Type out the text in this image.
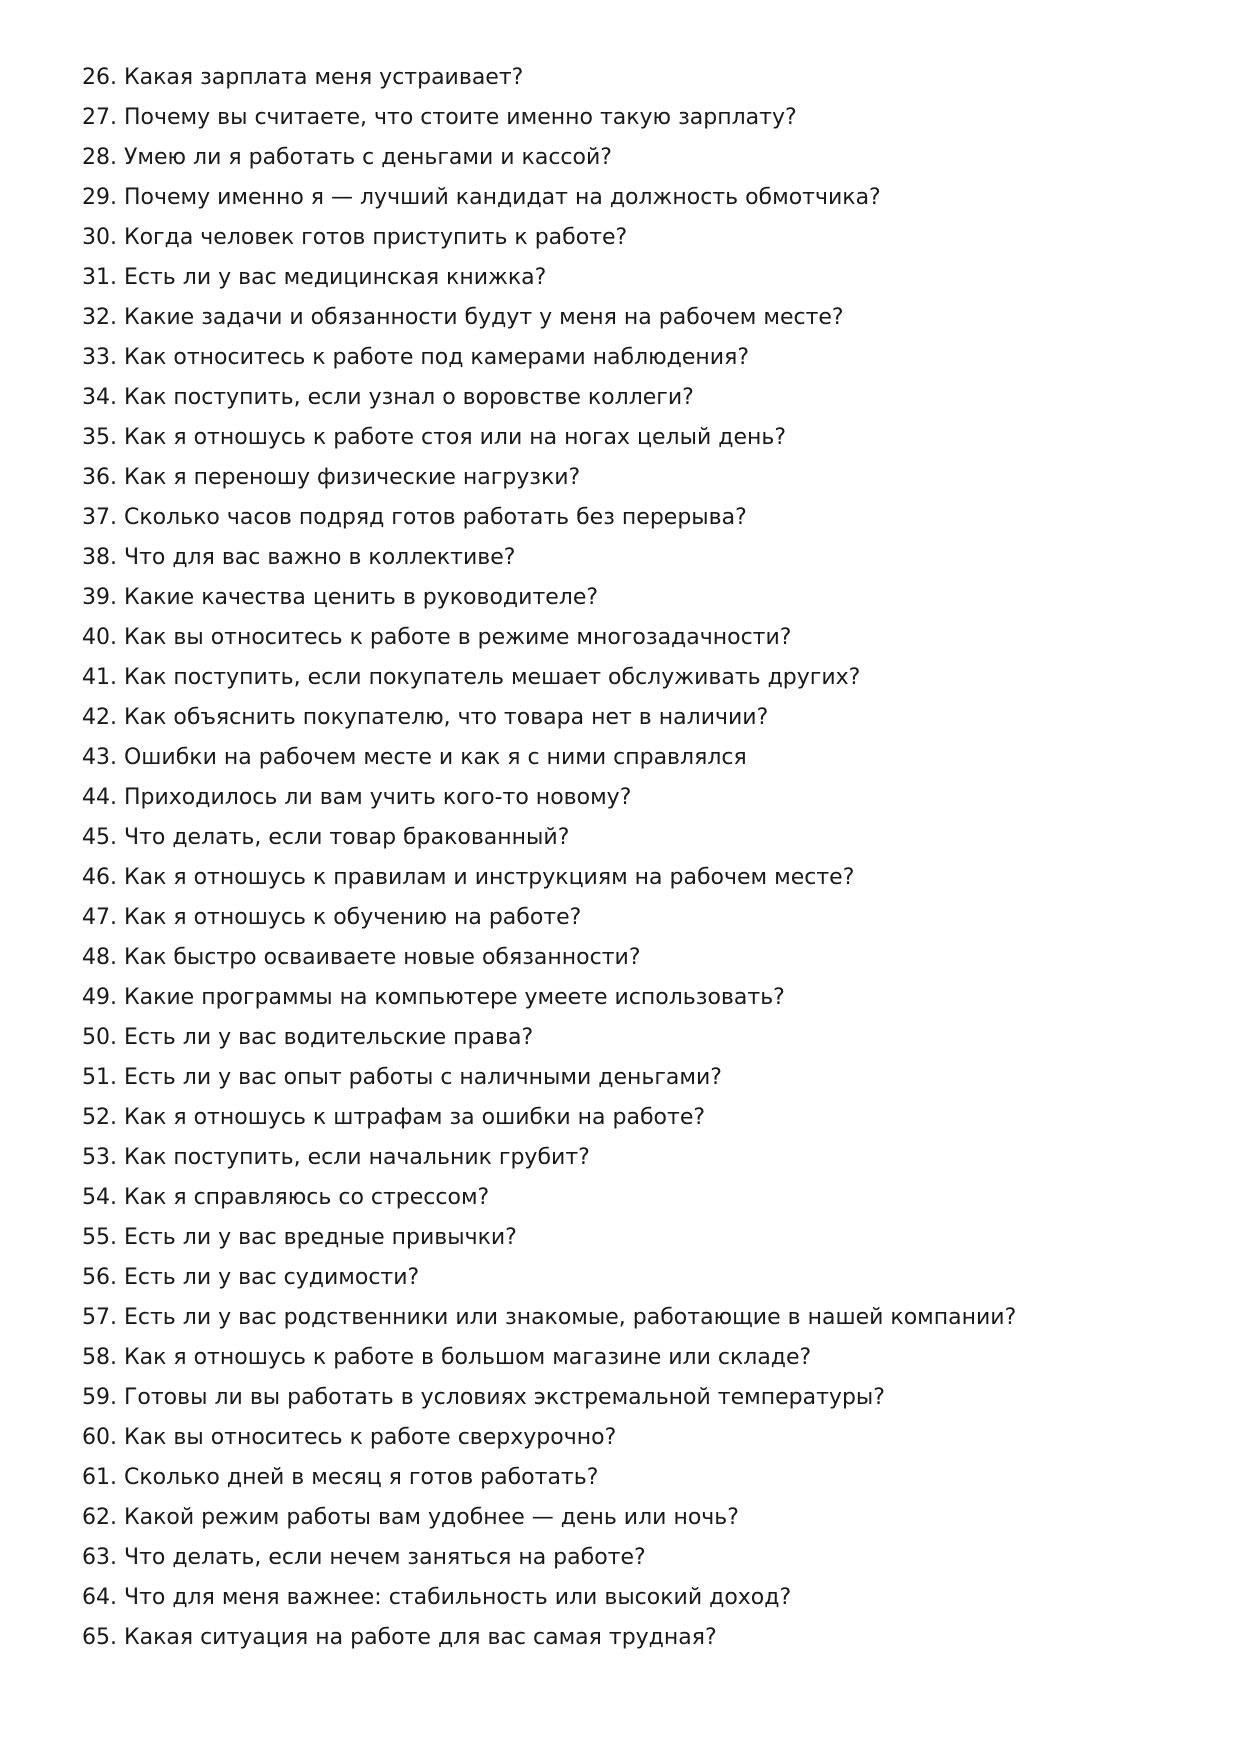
26. Какая зарплата меня устраивает?
27. Почему вы считаете, что стоите именно такую зарплату?
28. Умею ли я работать с деньгами и кассой?
29. Почему именно я — лучший кандидат на должность обмотчика?
30. Когда человек готов приступить к работе?
31. Есть ли у вас медицинская книжка?
32. Какие задачи и обязанности будут у меня на рабочем месте?
33. Как относитесь к работе под камерами наблюдения?
34. Как поступить, если узнал о воровстве коллеги?
35. Как я отношусь к работе стоя или на ногах целый день?
36. Как я переношу физические нагрузки?
37. Сколько часов подряд готов работать без перерыва?
38. Что для вас важно в коллективе?
39. Какие качества ценить в руководителе?
40. Как вы относитесь к работе в режиме многозадачности?
41. Как поступить, если покупатель мешает обслуживать других?
42. Как объяснить покупателю, что товара нет в наличии?
43. Ошибки на рабочем месте и как я с ними справлялся
44. Приходилось ли вам учить кого-то новому?
45. Что делать, если товар бракованный?
46. Как я отношусь к правилам и инструкциям на рабочем месте?
47. Как я отношусь к обучению на работе?
48. Как быстро осваиваете новые обязанности?
49. Какие программы на компьютере умеете использовать?
50. Есть ли у вас водительские права?
51. Есть ли у вас опыт работы с наличными деньгами?
52. Как я отношусь к штрафам за ошибки на работе?
53. Как поступить, если начальник грубит?
54. Как я справляюсь со стрессом?
55. Есть ли у вас вредные привычки?
56. Есть ли у вас судимости?
57. Есть ли у вас родственники или знакомые, работающие в нашей компании?
58. Как я отношусь к работе в большом магазине или складе?
59. Готовы ли вы работать в условиях экстремальной температуры?
60. Как вы относитесь к работе сверхурочно?
61. Сколько дней в месяц я готов работать?
62. Какой режим работы вам удобнее — день или ночь?
63. Что делать, если нечем заняться на работе?
64. Что для меня важнее: стабильность или высокий доход?
65. Какая ситуация на работе для вас самая трудная?
